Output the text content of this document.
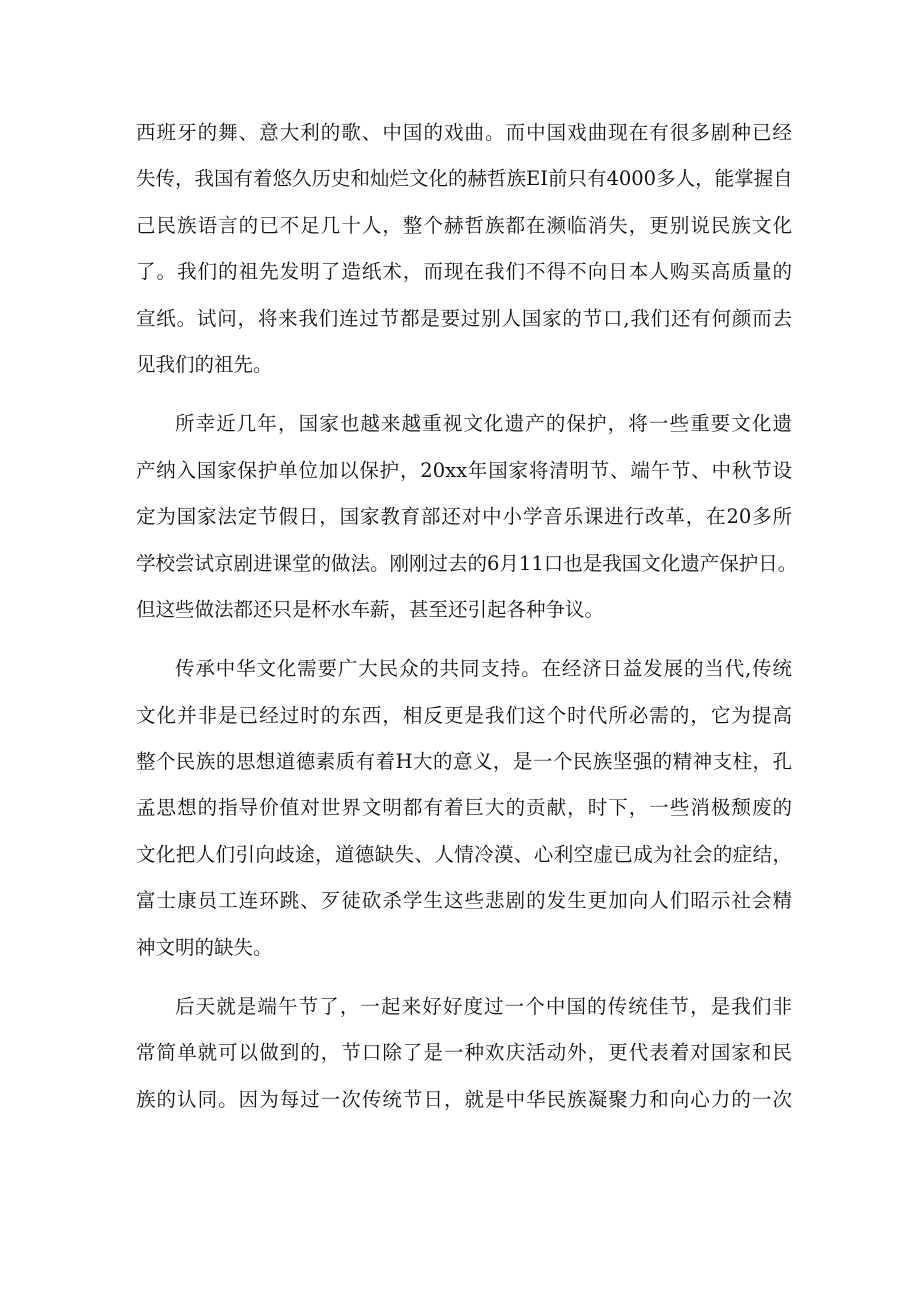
西班牙的舞、意大利的歌、中国的戏曲。而中国戏曲现在有很多剧种已经
失传，我国有着悠久历史和灿烂文化的赫哲族EI前只有4000多人，能掌握自
己民族语言的已不足几十人，整个赫哲族都在濒临消失，更别说民族文化
了。我们的祖先发明了造纸术，而现在我们不得不向日本人购买高质量的
宣纸。试问，将来我们连过节都是要过别人国家的节口,我们还有何颜而去
见我们的祖先。
所幸近几年，国家也越来越重视文化遗产的保护，将一些重要文化遗
产纳入国家保护单位加以保护，20xx年国家将清明节、端午节、中秋节设
定为国家法定节假日，国家教育部还对中小学音乐课进行改革，在20多所
学校尝试京剧进课堂的做法。刚刚过去的6月11口也是我国文化遗产保护日。
但这些做法都还只是杯水车薪，甚至还引起各种争议。
传承中华文化需要广大民众的共同支持。在经济日益发展的当代,传统
文化并非是已经过时的东西，相反更是我们这个时代所必需的，它为提高
整个民族的思想道德素质有着H大的意义，是一个民族坚强的精神支柱，孔
孟思想的指导价值对世界文明都有着巨大的贡献，时下，一些消极颓废的
文化把人们引向歧途，道德缺失、人情冷漠、心利空虚已成为社会的症结，
富士康员工连环跳、歹徒砍杀学生这些悲剧的发生更加向人们昭示社会精
神文明的缺失。
后天就是端午节了，一起来好好度过一个中国的传统佳节，是我们非
常简单就可以做到的，节口除了是一种欢庆活动外，更代表着对国家和民
族的认同。因为每过一次传统节日，就是中华民族凝聚力和向心力的一次
